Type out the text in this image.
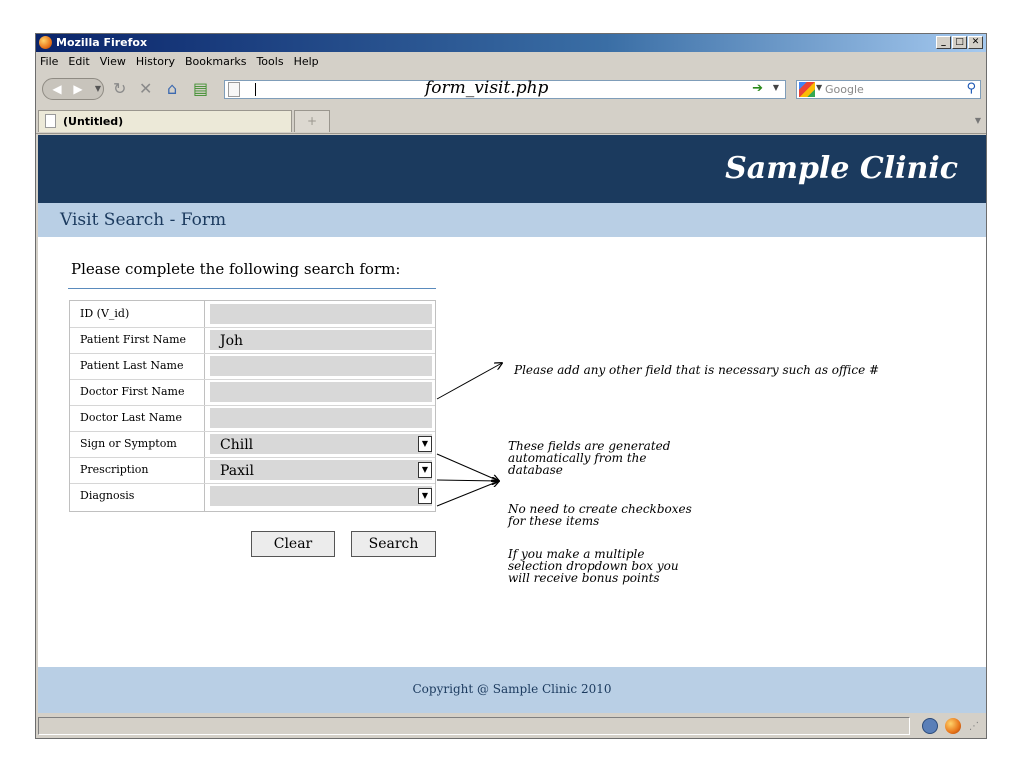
Mozilla Firefox	_	□ ✕
File Edit View History Bookmarks Tools Help
◀ ▶	▼ ↻ ✕ ⌂ ▤	form_visit.php	➔ ▼	▼ Google	⚲
(Untitled)	+	▼
Sample Clinic
Visit Search - Form
Please complete the following search form:
ID (V_id)
Patient First Name	Joh
Patient Last Name
Doctor First Name
Doctor Last Name
Sign or Symptom	Chill	▼
Prescription	Paxil	▼
Diagnosis	▼
Clear	Search
Please add any other field that is necessary such as office #
These fields are generated
automatically from the
database
No need to create checkboxes
for these items
If you make a multiple
selection dropdown box you
will receive bonus points
Copyright @ Sample Clinic 2010
⋰
